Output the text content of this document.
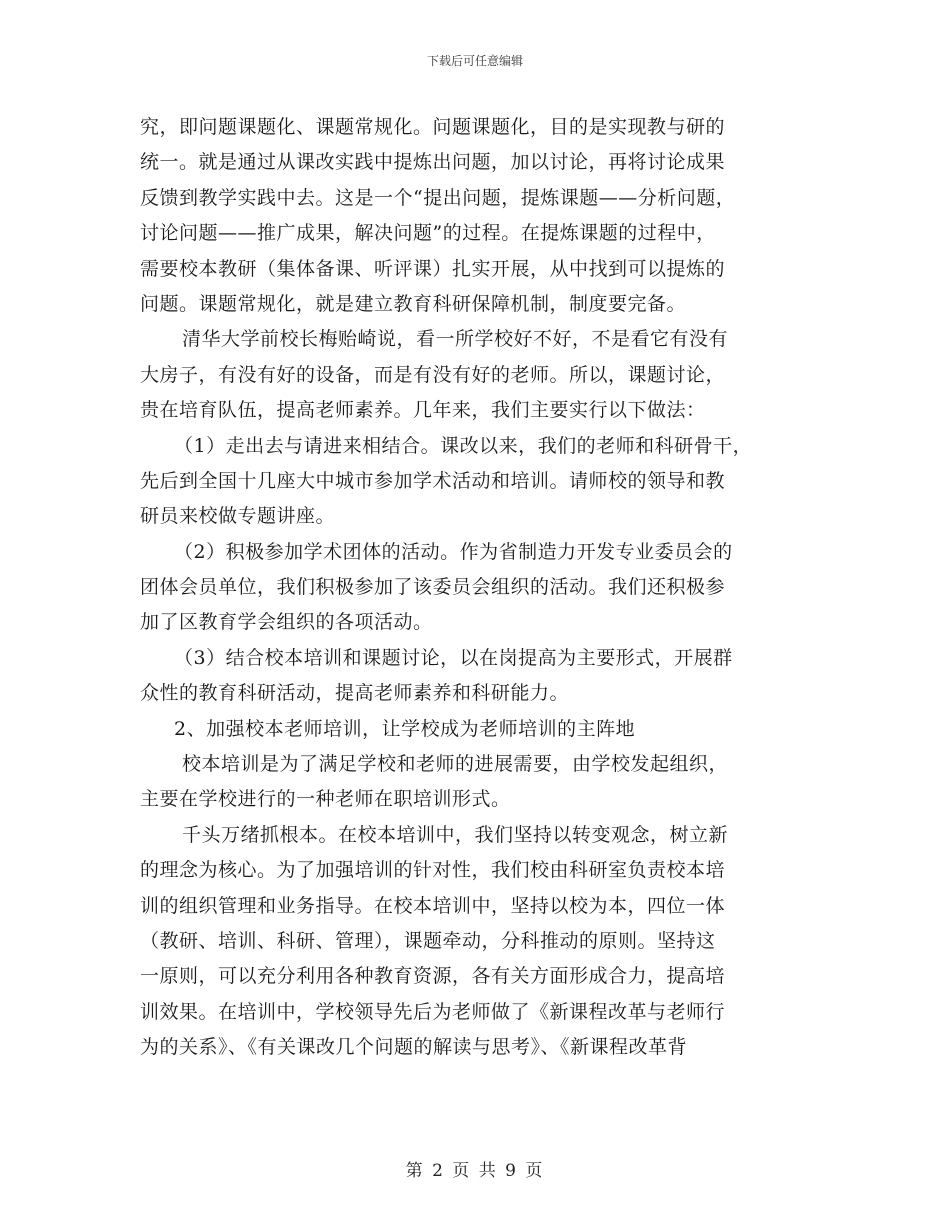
下载后可任意编辑
究，即问题课题化、课题常规化。问题课题化，目的是实现教与研的
统一。就是通过从课改实践中提炼出问题，加以讨论，再将讨论成果
反馈到教学实践中去。这是一个“提出问题，提炼课题——分析问题，
讨论问题——推广成果，解决问题”的过程。在提炼课题的过程中，
需要校本教研（集体备课、听评课）扎实开展，从中找到可以提炼的
问题。课题常规化，就是建立教育科研保障机制，制度要完备。
清华大学前校长梅贻崎说，看一所学校好不好，不是看它有没有
大房子，有没有好的设备，而是有没有好的老师。所以，课题讨论，
贵在培育队伍，提高老师素养。几年来，我们主要实行以下做法：
（1）走出去与请进来相结合。课改以来，我们的老师和科研骨干，
先后到全国十几座大中城市参加学术活动和培训。请师校的领导和教
研员来校做专题讲座。
（2）积极参加学术团体的活动。作为省制造力开发专业委员会的
团体会员单位，我们积极参加了该委员会组织的活动。我们还积极参
加了区教育学会组织的各项活动。
（3）结合校本培训和课题讨论，以在岗提高为主要形式，开展群
众性的教育科研活动，提高老师素养和科研能力。
2、加强校本老师培训，让学校成为老师培训的主阵地
校本培训是为了满足学校和老师的进展需要，由学校发起组织，
主要在学校进行的一种老师在职培训形式。
千头万绪抓根本。在校本培训中，我们坚持以转变观念，树立新
的理念为核心。为了加强培训的针对性，我们校由科研室负责校本培
训的组织管理和业务指导。在校本培训中，坚持以校为本，四位一体
（教研、培训、科研、管理），课题牵动，分科推动的原则。坚持这
一原则，可以充分利用各种教育资源，各有关方面形成合力，提高培
训效果。在培训中，学校领导先后为老师做了《新课程改革与老师行
为的关系》、《有关课改几个问题的解读与思考》、《新课程改革背
第 2 页 共 9 页
